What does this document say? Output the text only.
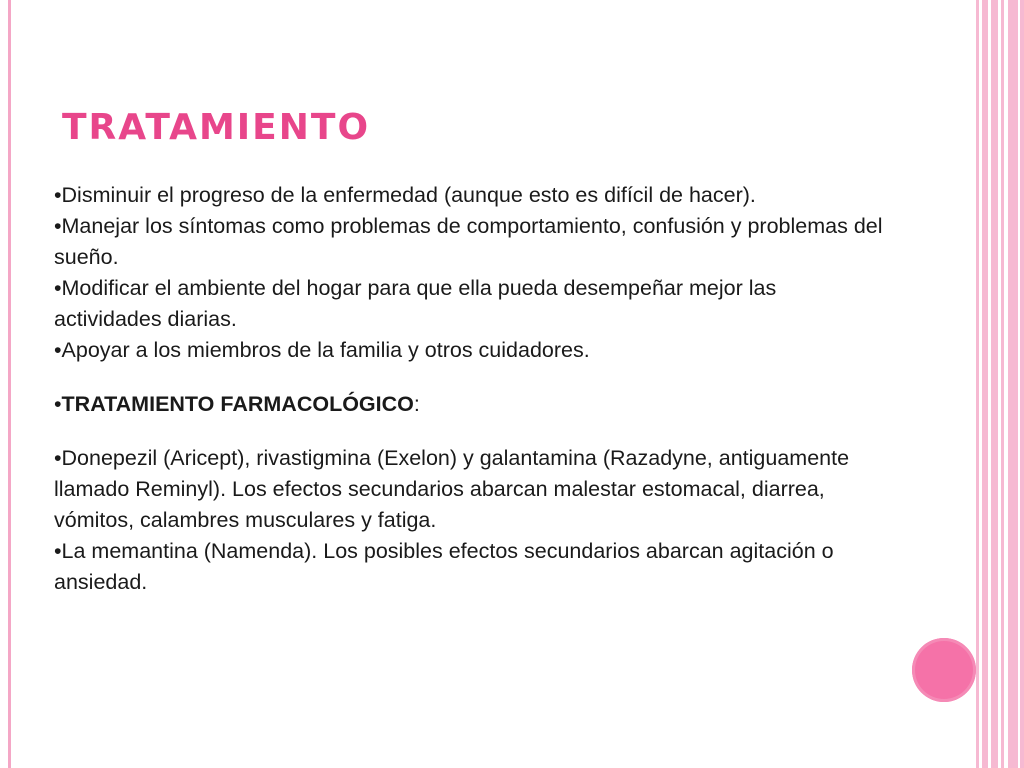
TRATAMIENTO

•Disminuir el progreso de la enfermedad (aunque esto es difícil de hacer).

•Manejar los síntomas como problemas de comportamiento, confusión y problemas del sueño.

•Modificar el ambiente del hogar para que ella pueda desempeñar mejor las actividades diarias.

•Apoyar a los miembros de la familia y otros cuidadores.

•TRATAMIENTO FARMACOLÓGICO:

•Donepezil (Aricept), rivastigmina (Exelon) y galantamina (Razadyne, antiguamente llamado Reminyl). Los efectos secundarios abarcan malestar estomacal, diarrea, vómitos, calambres musculares y fatiga.

•La memantina (Namenda). Los posibles efectos secundarios abarcan agitación o ansiedad.
